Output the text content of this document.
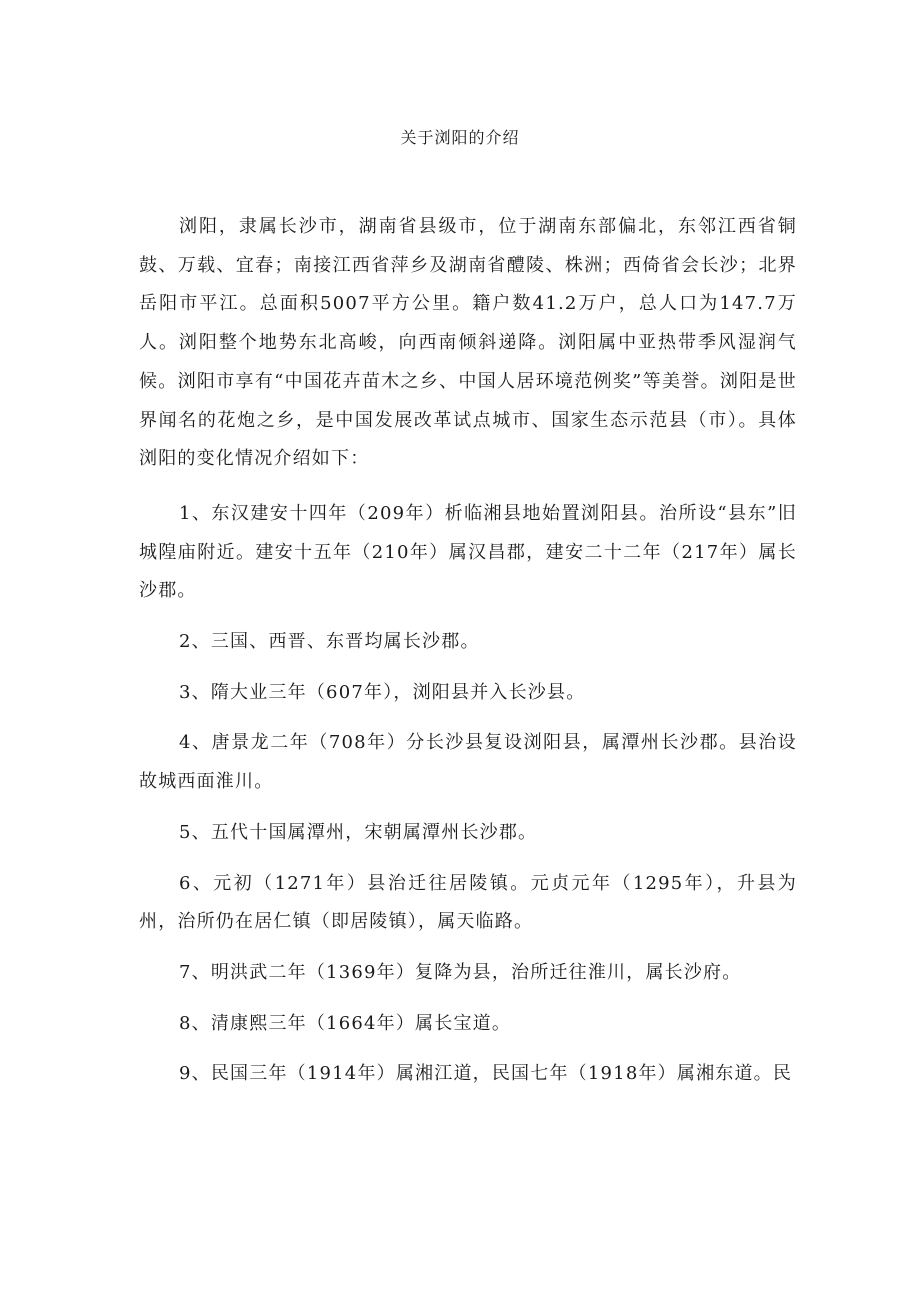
关于浏阳的介绍

浏阳，隶属长沙市，湖南省县级市，位于湖南东部偏北，东邻江西省铜鼓、万载、宜春；南接江西省萍乡及湖南省醴陵、株洲；西倚省会长沙；北界岳阳市平江。总面积5007平方公里。籍户数41.2万户，总人口为147.7万人。浏阳整个地势东北高峻，向西南倾斜递降。浏阳属中亚热带季风湿润气候。浏阳市享有“中国花卉苗木之乡、中国人居环境范例奖”等美誉。浏阳是世界闻名的花炮之乡，是中国发展改革试点城市、国家生态示范县（市）。具体浏阳的变化情况介绍如下：

1、东汉建安十四年（209年）析临湘县地始置浏阳县。治所设“县东”旧城隍庙附近。建安十五年（210年）属汉昌郡，建安二十二年（217年）属长沙郡。

2、三国、西晋、东晋均属长沙郡。

3、隋大业三年（607年），浏阳县并入长沙县。

4、唐景龙二年（708年）分长沙县复设浏阳县，属潭州长沙郡。县治设故城西面淮川。

5、五代十国属潭州，宋朝属潭州长沙郡。

6、元初（1271年）县治迁往居陵镇。元贞元年（1295年），升县为州，治所仍在居仁镇（即居陵镇），属天临路。

7、明洪武二年（1369年）复降为县，治所迁往淮川，属长沙府。

8、清康熙三年（1664年）属长宝道。

9、民国三年（1914年）属湘江道，民国七年（1918年）属湘东道。民
